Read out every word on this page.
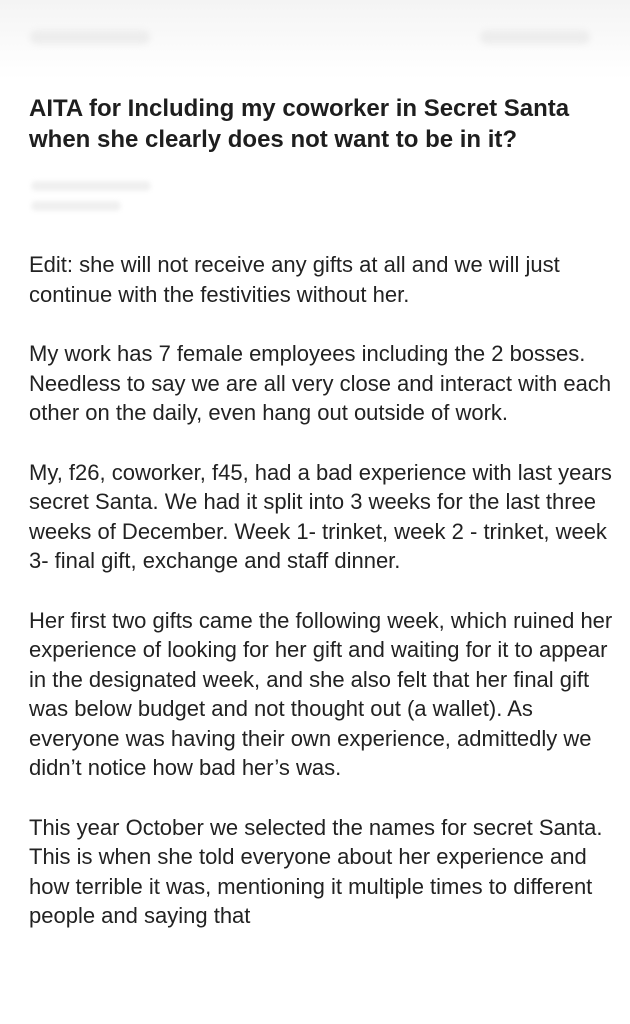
AITA for Including my coworker in Secret Santa when she clearly does not want to be in it?

Edit: she will not receive any gifts at all and we will just continue with the festivities without her.

My work has 7 female employees including the 2 bosses. Needless to say we are all very close and interact with each other on the daily, even hang out outside of work.

My, f26, coworker, f45, had a bad experience with last years secret Santa. We had it split into 3 weeks for the last three weeks of December. Week 1- trinket, week 2 - trinket, week 3- final gift, exchange and staff dinner.

Her first two gifts came the following week, which ruined her experience of looking for her gift and waiting for it to appear in the designated week, and she also felt that her final gift was below budget and not thought out (a wallet). As everyone was having their own experience, admittedly we didn’t notice how bad her’s was.

This year October we selected the names for secret Santa. This is when she told everyone about her experience and how terrible it was, mentioning it multiple times to different people and saying that
